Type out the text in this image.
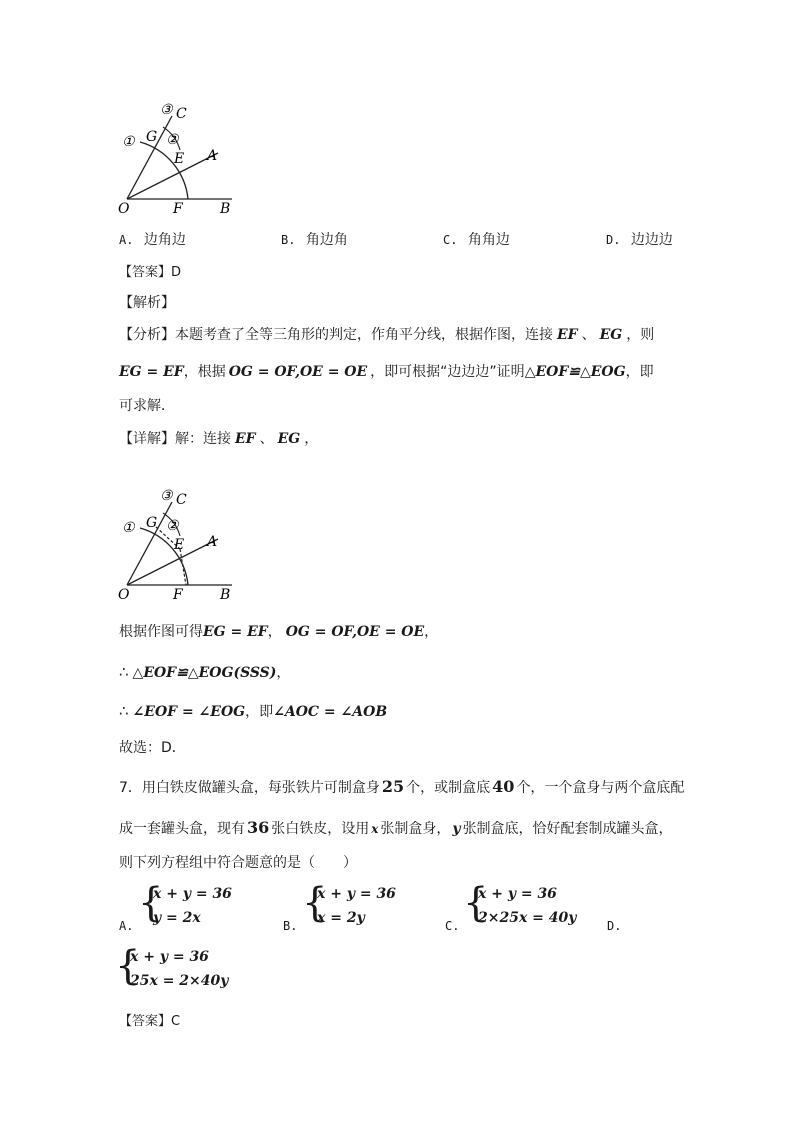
③ C
① G ②
E A
O	F	B
A. 边角边	B. 角边角	C. 角角边	D. 边边边
【答案】D
【解析】
【分析】本题考查了全等三角形的判定，作角平分线，根据作图，连接 EF 、 EG ，则
EG = EF，根据 OG = OF,OE = OE ，即可根据“边边边”证明△EOF≌△EOG，即
可求解．
【详解】解：连接 EF 、 EG ，
③ C
① G ②
E A
O	F	B
根据作图可得EG = EF， OG = OF,OE = OE，
∴ △EOF≌△EOG(SSS)，
∴ ∠EOF = ∠EOG，即∠AOC = ∠AOB
故选：D．
7．用白铁皮做罐头盒，每张铁片可制盒身 25 个，或制盒底 40 个，一个盒身与两个盒底配
成一套罐头盒，现有 36 张白铁皮，设用 x 张制盒身， y 张制盒底，恰好配套制成罐头盒，
则下列方程组中符合题意的是（　　）
A. {
x + y = 36
y = 2x	B. {
x + y = 36
x = 2y	C. {
x + y = 36
2×25x = 40y	D.
{
x + y = 36
25x = 2×40y
【答案】C
